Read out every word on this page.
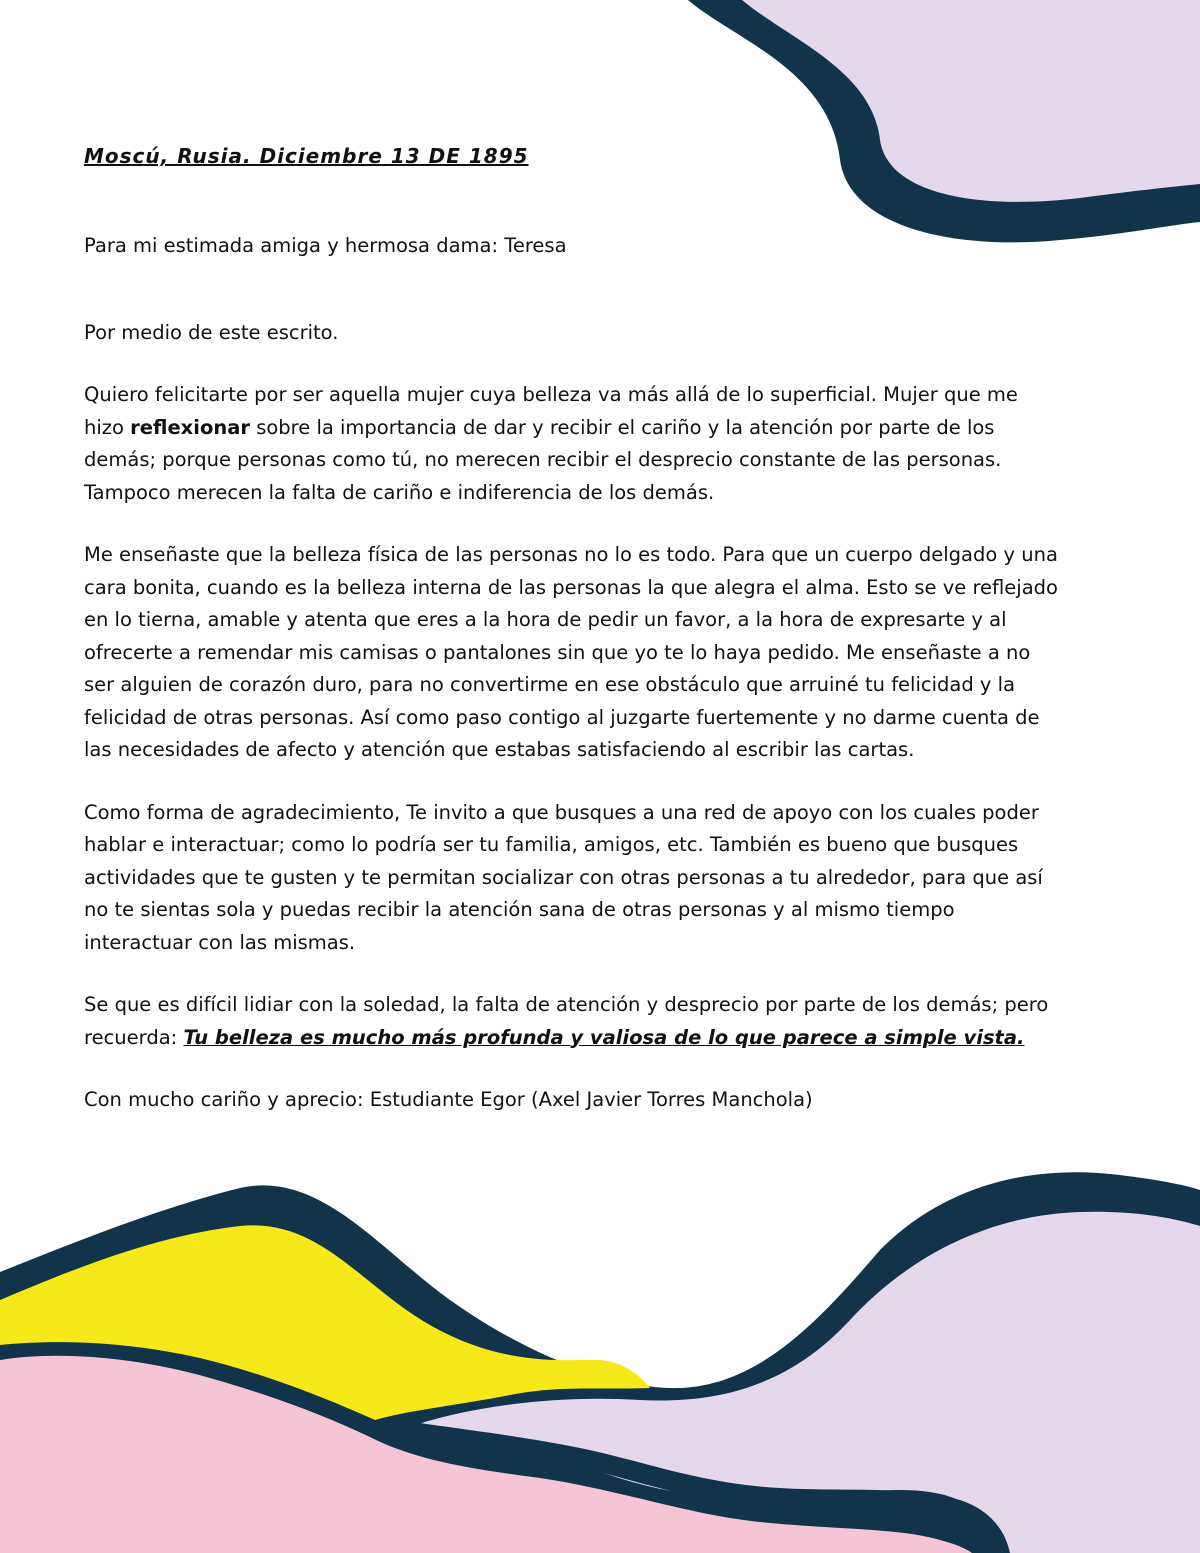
Moscú, Rusia. Diciembre 13 DE 1895

Para mi estimada amiga y hermosa dama: Teresa

Por medio de este escrito.

Quiero felicitarte por ser aquella mujer cuya belleza va más allá de lo superficial. Mujer que me hizo reflexionar sobre la importancia de dar y recibir el cariño y la atención por parte de los demás; porque personas como tú, no merecen recibir el desprecio constante de las personas. Tampoco merecen la falta de cariño e indiferencia de los demás.

Me enseñaste que la belleza física de las personas no lo es todo. Para que un cuerpo delgado y una cara bonita, cuando es la belleza interna de las personas la que alegra el alma. Esto se ve reflejado en lo tierna, amable y atenta que eres a la hora de pedir un favor, a la hora de expresarte y al ofrecerte a remendar mis camisas o pantalones sin que yo te lo haya pedido. Me enseñaste a no ser alguien de corazón duro, para no convertirme en ese obstáculo que arruiné tu felicidad y la felicidad de otras personas. Así como paso contigo al juzgarte fuertemente y no darme cuenta de las necesidades de afecto y atención que estabas satisfaciendo al escribir las cartas.

Como forma de agradecimiento, Te invito a que busques a una red de apoyo con los cuales poder hablar e interactuar; como lo podría ser tu familia, amigos, etc. También es bueno que busques actividades que te gusten y te permitan socializar con otras personas a tu alrededor, para que así no te sientas sola y puedas recibir la atención sana de otras personas y al mismo tiempo interactuar con las mismas.

Se que es difícil lidiar con la soledad, la falta de atención y desprecio por parte de los demás; pero recuerda: Tu belleza es mucho más profunda y valiosa de lo que parece a simple vista.

Con mucho cariño y aprecio: Estudiante Egor (Axel Javier Torres Manchola)
